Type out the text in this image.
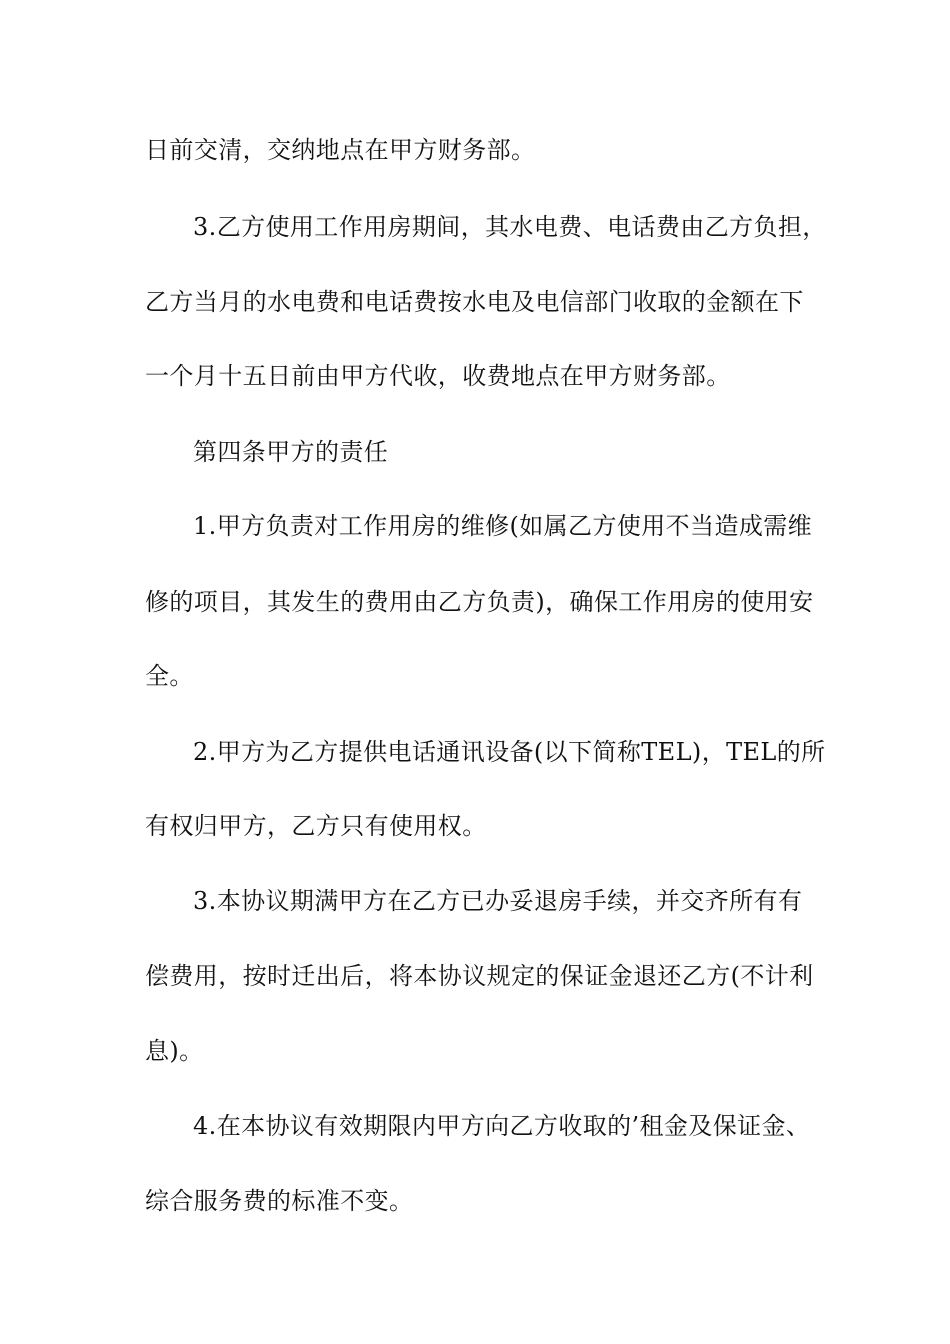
日前交清，交纳地点在甲方财务部。
3.乙方使用工作用房期间，其水电费、电话费由乙方负担，
乙方当月的水电费和电话费按水电及电信部门收取的金额在下
一个月十五日前由甲方代收，收费地点在甲方财务部。
第四条甲方的责任
1.甲方负责对工作用房的维修(如属乙方使用不当造成需维
修的项目，其发生的费用由乙方负责)，确保工作用房的使用安
全。
2.甲方为乙方提供电话通讯设备(以下简称TEL)，TEL的所
有权归甲方，乙方只有使用权。
3.本协议期满甲方在乙方已办妥退房手续，并交齐所有有
偿费用，按时迁出后，将本协议规定的保证金退还乙方(不计利
息)。
4.在本协议有效期限内甲方向乙方收取的’租金及保证金、
综合服务费的标准不变。
